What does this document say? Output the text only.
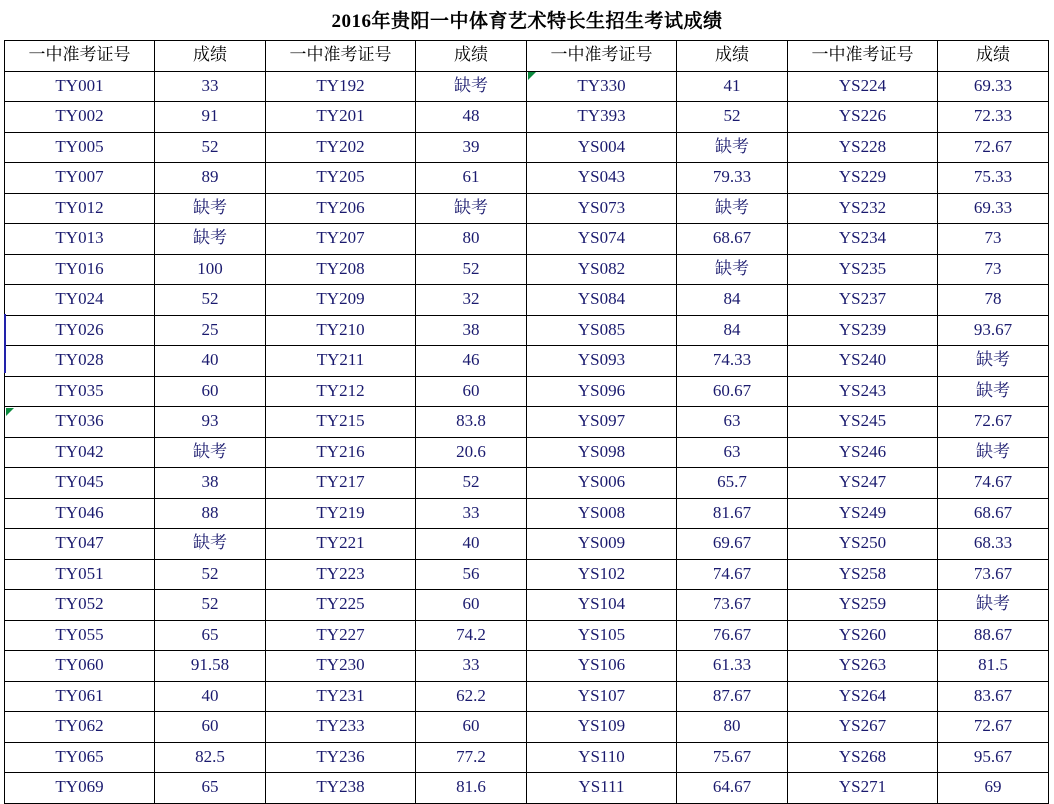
2016年贵阳一中体育艺术特长生招生考试成绩
一中准考证号	成绩	一中准考证号	成绩	一中准考证号	成绩	一中准考证号	成绩
TY001	33	TY192	缺考	TY330	41	YS224	69.33
TY002	91	TY201	48	TY393	52	YS226	72.33
TY005	52	TY202	39	YS004	缺考	YS228	72.67
TY007	89	TY205	61	YS043	79.33	YS229	75.33
TY012	缺考	TY206	缺考	YS073	缺考	YS232	69.33
TY013	缺考	TY207	80	YS074	68.67	YS234	73
TY016	100	TY208	52	YS082	缺考	YS235	73
TY024	52	TY209	32	YS084	84	YS237	78
TY026	25	TY210	38	YS085	84	YS239	93.67
TY028	40	TY211	46	YS093	74.33	YS240	缺考
TY035	60	TY212	60	YS096	60.67	YS243	缺考
TY036	93	TY215	83.8	YS097	63	YS245	72.67
TY042	缺考	TY216	20.6	YS098	63	YS246	缺考
TY045	38	TY217	52	YS006	65.7	YS247	74.67
TY046	88	TY219	33	YS008	81.67	YS249	68.67
TY047	缺考	TY221	40	YS009	69.67	YS250	68.33
TY051	52	TY223	56	YS102	74.67	YS258	73.67
TY052	52	TY225	60	YS104	73.67	YS259	缺考
TY055	65	TY227	74.2	YS105	76.67	YS260	88.67
TY060	91.58	TY230	33	YS106	61.33	YS263	81.5
TY061	40	TY231	62.2	YS107	87.67	YS264	83.67
TY062	60	TY233	60	YS109	80	YS267	72.67
TY065	82.5	TY236	77.2	YS110	75.67	YS268	95.67
TY069	65	TY238	81.6	YS111	64.67	YS271	69
